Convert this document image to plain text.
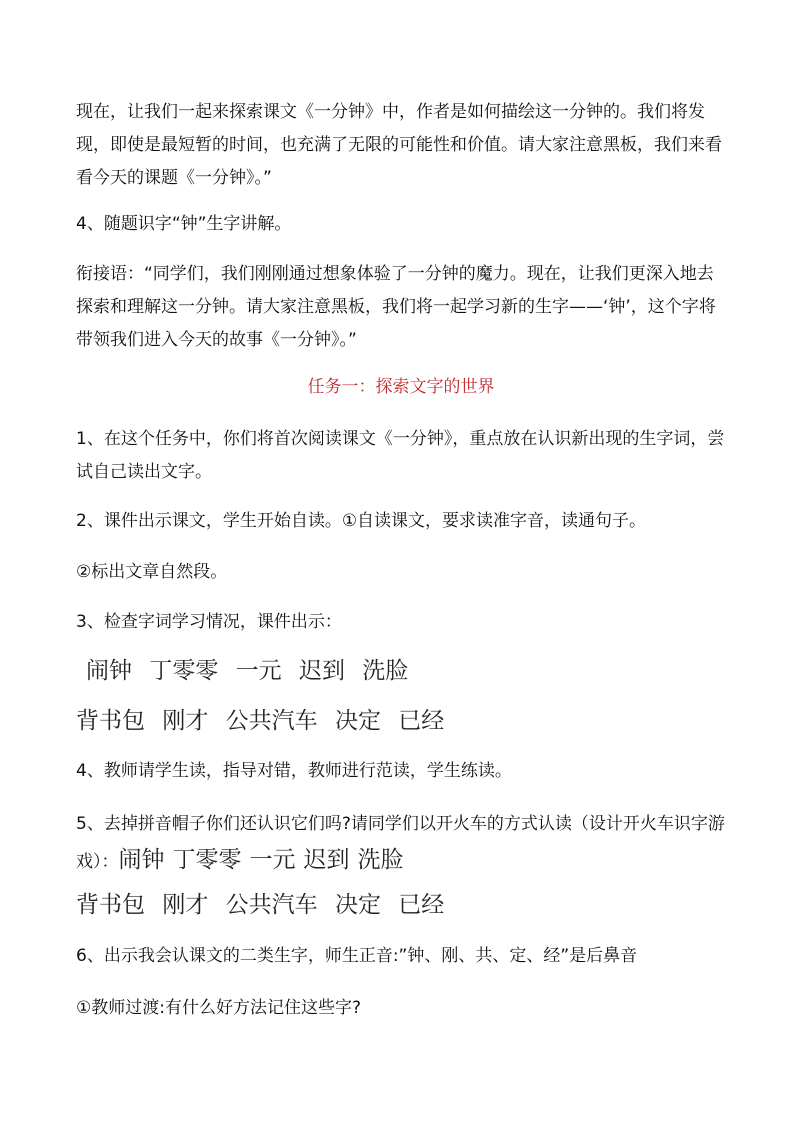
现在，让我们一起来探索课文《一分钟》中，作者是如何描绘这一分钟的。我们将发现，即使是最短暂的时间，也充满了无限的可能性和价值。请大家注意黑板，我们来看看今天的课题《一分钟》。”

4、随题识字“钟”生字讲解。

衔接语：“同学们，我们刚刚通过想象体验了一分钟的魔力。现在，让我们更深入地去探索和理解这一分钟。请大家注意黑板，我们将一起学习新的生字——‘钟’，这个字将带领我们进入今天的故事《一分钟》。”

任务一：探索文字的世界

1、在这个任务中，你们将首次阅读课文《一分钟》，重点放在认识新出现的生字词，尝试自己读出文字。

2、课件出示课文，学生开始自读。①自读课文，要求读准字音，读通句子。

②标出文章自然段。

3、检查字词学习情况，课件出示：

闹钟 丁零零 一元 迟到 洗脸
背书包 刚才 公共汽车 决定 已经

4、教师请学生读，指导对错，教师进行范读，学生练读。

5、去掉拼音帽子你们还认识它们吗?请同学们以开火车的方式认读（设计开火车识字游戏）：闹钟 丁零零 一元 迟到 洗脸

背书包 刚才 公共汽车 决定 已经

6、出示我会认课文的二类生字，师生正音:”钟、刚、共、定、经”是后鼻音

①教师过渡:有什么好方法记住这些字?
